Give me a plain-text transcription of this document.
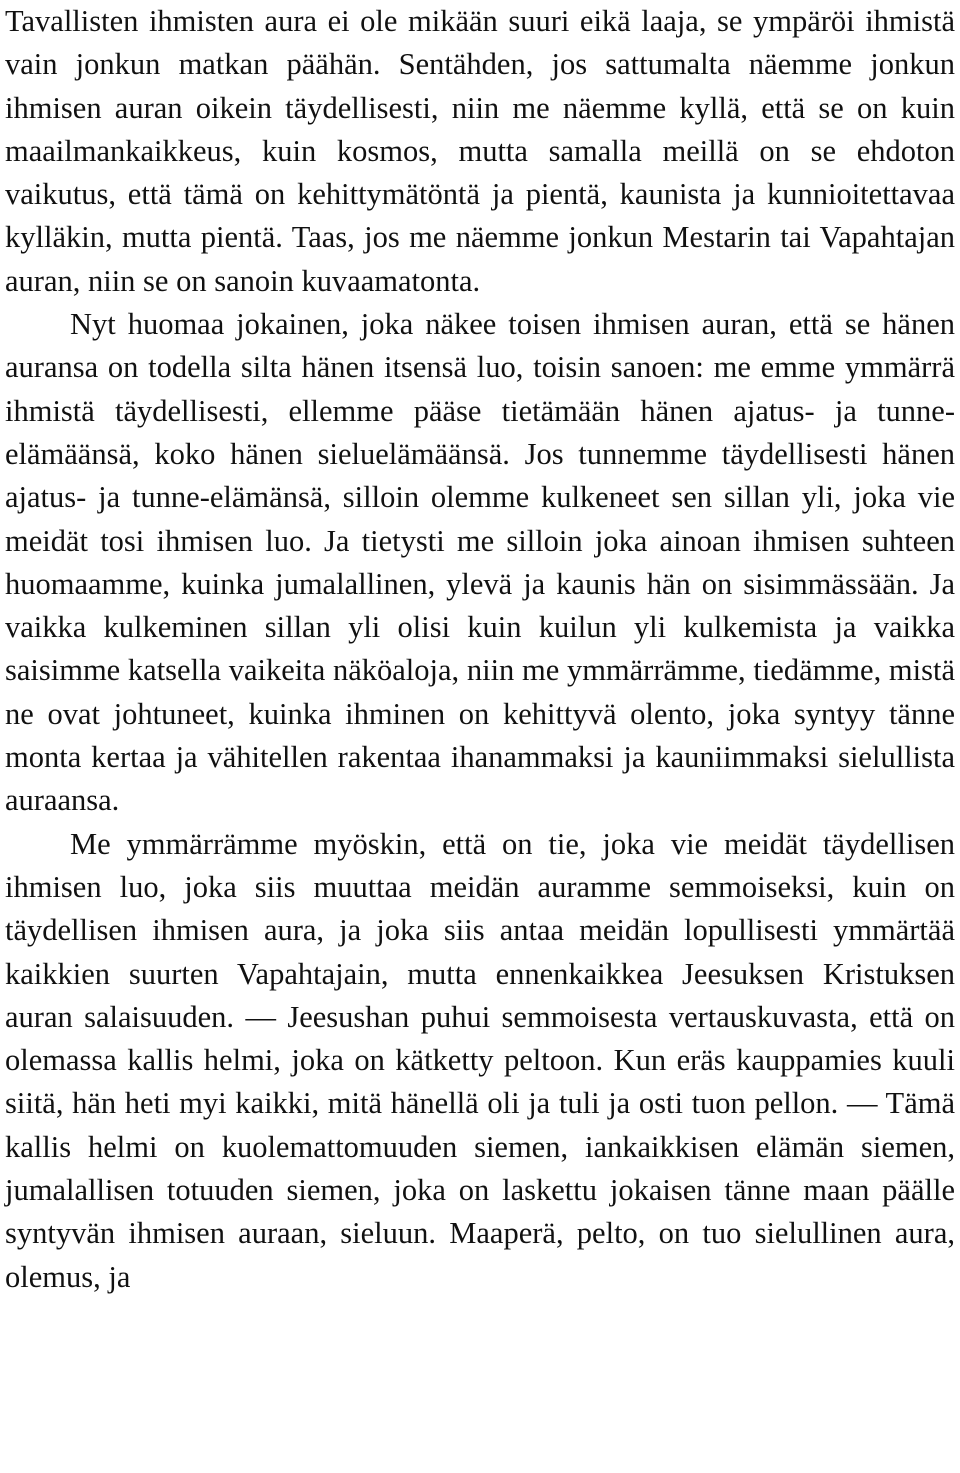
Tavallisten ihmisten aura ei ole mikään suuri eikä laaja, se ympäröi ihmistä vain jonkun matkan päähän. Sentähden, jos sattumalta näemme jonkun ihmisen auran oikein täydellisesti, niin me näemme kyllä, että se on kuin maailmankaikkeus, kuin kosmos, mutta samalla meillä on se ehdoton vaikutus, että tämä on kehittymätöntä ja pientä, kaunista ja kunnioitettavaa kylläkin, mutta pientä. Taas, jos me näemme jonkun Mestarin tai Vapahtajan auran, niin se on sanoin kuvaamatonta.

Nyt huomaa jokainen, joka näkee toisen ihmisen auran, että se hänen auransa on todella silta hänen itsensä luo, toisin sanoen: me emme ymmärrä ihmistä täydellisesti, ellemme pääse tietämään hänen ajatus- ja tunne-elämäänsä, koko hänen sieluelämäänsä. Jos tunnemme täydellisesti hänen ajatus- ja tunne-elämänsä, silloin olemme kulkeneet sen sillan yli, joka vie meidät tosi ihmisen luo. Ja tietysti me silloin joka ainoan ihmisen suhteen huomaamme, kuinka jumalallinen, ylevä ja kaunis hän on sisimmässään. Ja vaikka kulkeminen sillan yli olisi kuin kuilun yli kulkemista ja vaikka saisimme katsella vaikeita näköaloja, niin me ymmärrämme, tiedämme, mistä ne ovat johtuneet, kuinka ihminen on kehittyvä olento, joka syntyy tänne monta kertaa ja vähitellen rakentaa ihanammaksi ja kauniimmaksi sielullista auraansa.

Me ymmärrämme myöskin, että on tie, joka vie meidät täydellisen ihmisen luo, joka siis muuttaa meidän auramme semmoiseksi, kuin on täydellisen ihmisen aura, ja joka siis antaa meidän lopullisesti ymmärtää kaikkien suurten Vapahtajain, mutta ennenkaikkea Jeesuksen Kristuksen auran salaisuuden. — Jeesushan puhui semmoisesta vertauskuvasta, että on olemassa kallis helmi, joka on kätketty peltoon. Kun eräs kauppamies kuuli siitä, hän heti myi kaikki, mitä hänellä oli ja tuli ja osti tuon pellon. — Tämä kallis helmi on kuolemattomuuden siemen, iankaikkisen elämän siemen, jumalallisen totuuden siemen, joka on laskettu jokaisen tänne maan päälle syntyvän ihmisen auraan, sieluun. Maaperä, pelto, on tuo sielullinen aura, olemus, ja
